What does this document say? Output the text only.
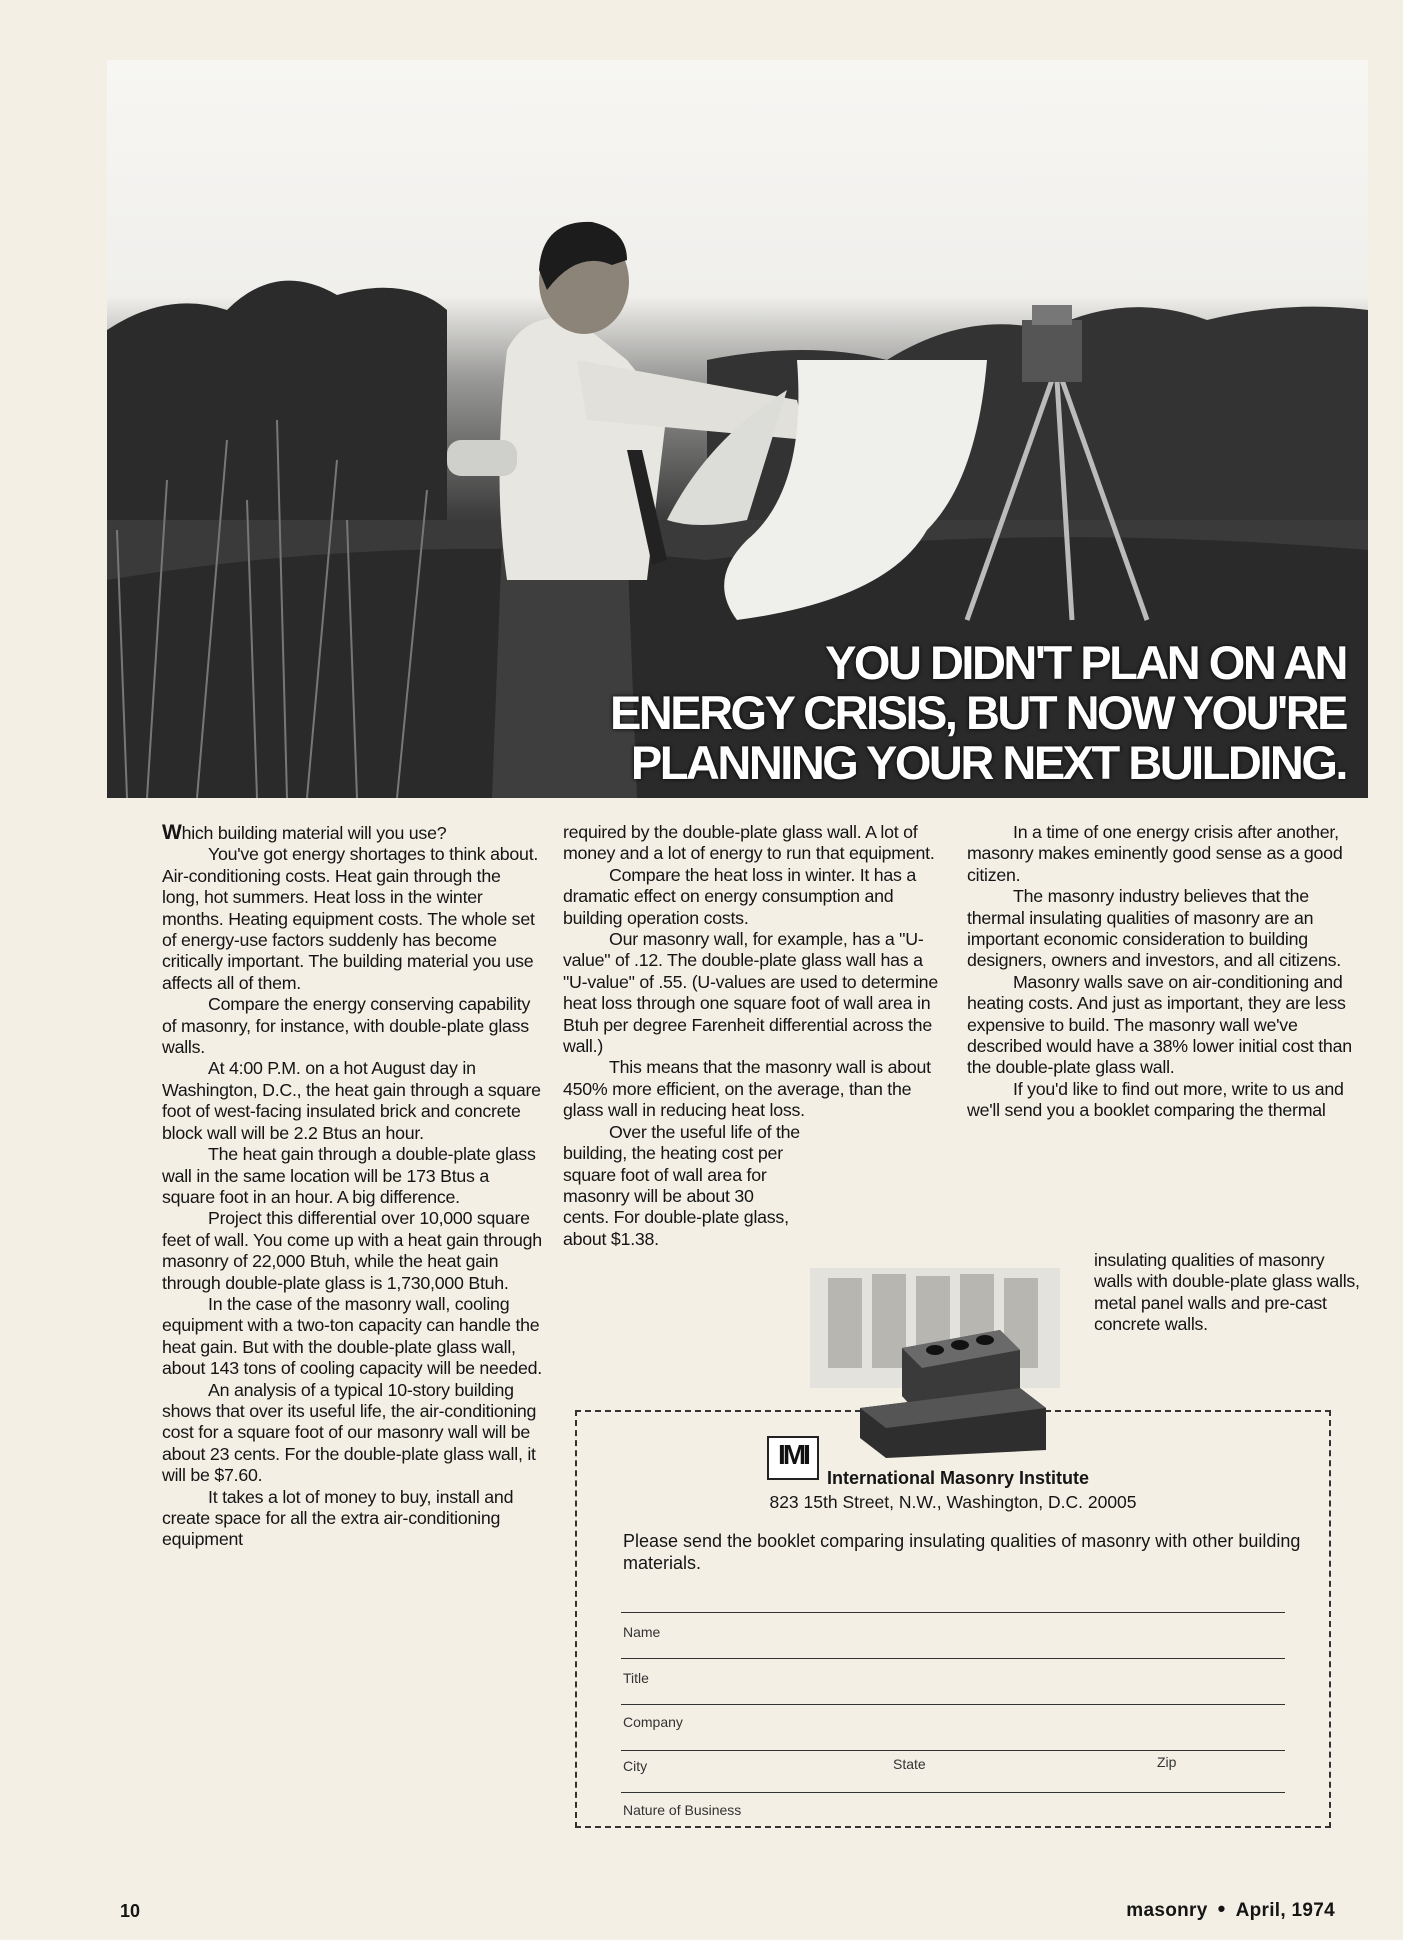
YOU DIDN'T PLAN ON AN
ENERGY CRISIS, BUT NOW YOU'RE
PLANNING YOUR NEXT BUILDING.

Which building material will you use?

You've got energy shortages to think about. Air-conditioning costs. Heat gain through the long, hot summers. Heat loss in the winter months. Heating equipment costs. The whole set of energy-use factors suddenly has become critically important. The building material you use affects all of them.

Compare the energy conserving capability of masonry, for instance, with double-plate glass walls.

At 4:00 P.M. on a hot August day in Washington, D.C., the heat gain through a square foot of west-facing insulated brick and concrete block wall will be 2.2 Btus an hour.

The heat gain through a double-plate glass wall in the same location will be 173 Btus a square foot in an hour. A big difference.

Project this differential over 10,000 square feet of wall. You come up with a heat gain through masonry of 22,000 Btuh, while the heat gain through double-plate glass is 1,730,000 Btuh.

In the case of the masonry wall, cooling equipment with a two-ton capacity can handle the heat gain. But with the double-plate glass wall, about 143 tons of cooling capacity will be needed.

An analysis of a typical 10-story building shows that over its useful life, the air-conditioning cost for a square foot of our masonry wall will be about 23 cents. For the double-plate glass wall, it will be $7.60.

It takes a lot of money to buy, install and create space for all the extra air-conditioning equipment

required by the double-plate glass wall. A lot of money and a lot of energy to run that equipment.

Compare the heat loss in winter. It has a dramatic effect on energy consumption and building operation costs.

Our masonry wall, for example, has a "U-value" of .12. The double-plate glass wall has a "U-value" of .55. (U-values are used to determine heat loss through one square foot of wall area in Btuh per degree Farenheit differential across the wall.)

This means that the masonry wall is about 450% more efficient, on the average, than the glass wall in reducing heat loss.

Over the useful life of the

building, the heating cost per square foot of wall area for masonry will be about 30 cents. For double-plate glass, about $1.38.

In a time of one energy crisis after another, masonry makes eminently good sense as a good citizen.

The masonry industry believes that the thermal insulating qualities of masonry are an important economic consideration to building designers, owners and investors, and all citizens.

Masonry walls save on air-conditioning and heating costs. And just as important, they are less expensive to build. The masonry wall we've described would have a 38% lower initial cost than the double-plate glass wall.

If you'd like to find out more, write to us and we'll send you a booklet comparing the thermal

insulating qualities of masonry walls with double-plate glass walls, metal panel walls and pre-cast concrete walls.
IMI
International Masonry Institute
823 15th Street, N.W., Washington, D.C. 20005
Please send the booklet comparing insulating qualities of masonry with other building materials.
Name
Title
Company
City	State	Zip
Nature of Business
10	masonry • April, 1974
